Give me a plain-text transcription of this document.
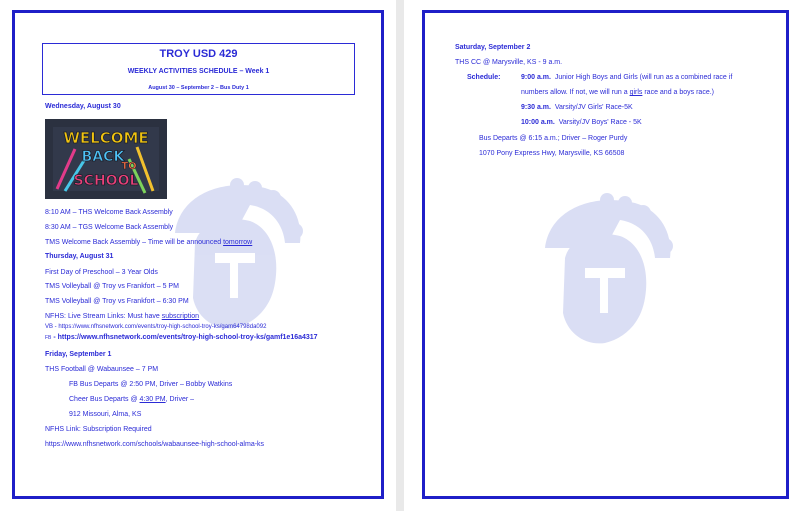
TROY USD 429
WEEKLY ACTIVITIES SCHEDULE – Week 1
August 30 – September 2 – Bus Duty 1
Wednesday, August 30
WELCOME
BACK
TO
SCHOOL
8:10 AM – THS Welcome Back Assembly
8:30 AM – TGS Welcome Back Assembly
TMS Welcome Back Assembly – Time will be announced tomorrow
Thursday, August 31
First Day of Preschool – 3 Year Olds
TMS Volleyball @ Troy vs Frankfort – 5 PM
TMS Volleyball @ Troy vs Frankfort – 6:30 PM
NFHS: Live Stream Links: Must have subscription
VB - https://www.nfhsnetwork.com/events/troy-high-school-troy-ks/gam64798da092
FB - https://www.nfhsnetwork.com/events/troy-high-school-troy-ks/gamf1e16a4317
Friday, September 1
THS Football @ Wabaunsee – 7 PM
FB Bus Departs @ 2:50 PM, Driver – Bobby Watkins
Cheer Bus Departs @ 4:30 PM, Driver –
912 Missouri, Alma, KS
NFHS Link: Subscription Required
https://www.nfhsnetwork.com/schools/wabaunsee-high-school-alma-ks
Saturday, September 2
THS CC @ Marysville, KS - 9 a.m.
Schedule:	9:00 a.m. Junior High Boys and Girls (will run as a combined race if
numbers allow. If not, we will run a girls race and a boys race.)
9:30 a.m. Varsity/JV Girls' Race-5K
10:00 a.m. Varsity/JV Boys' Race - 5K
Bus Departs @ 6:15 a.m.; Driver – Roger Purdy
1070 Pony Express Hwy, Marysville, KS 66508
